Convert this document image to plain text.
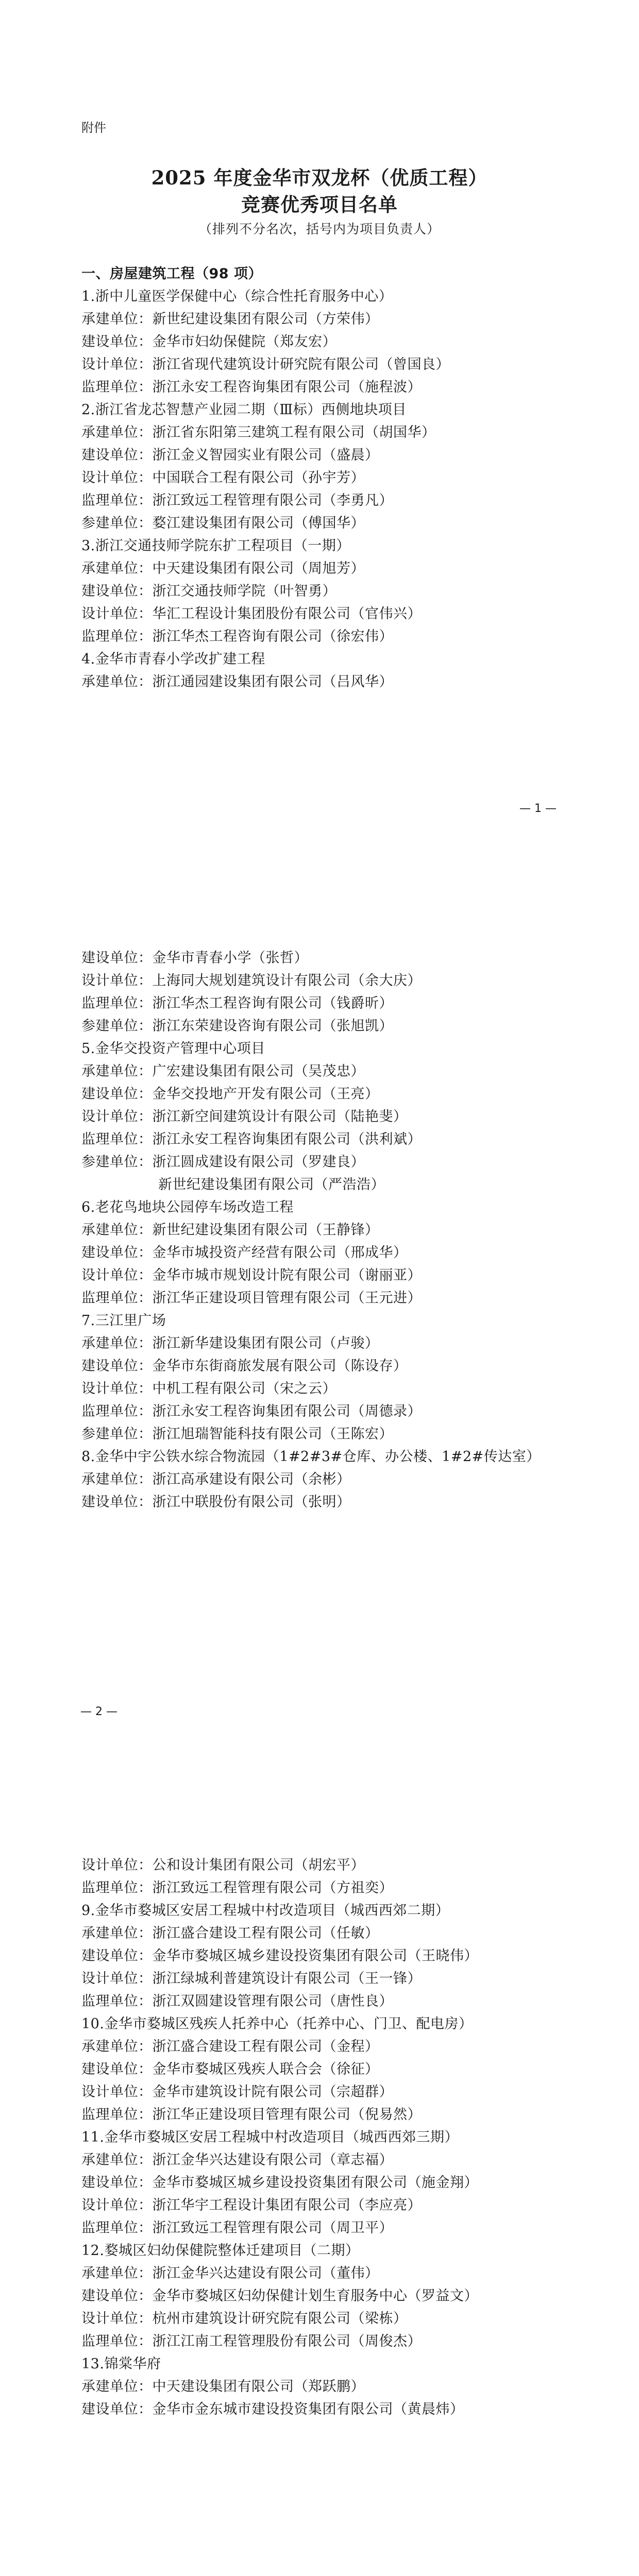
附件
2025 年度金华市双龙杯（优质工程）
竞赛优秀项目名单
（排列不分名次，括号内为项目负责人）
一、房屋建筑工程（98 项）
1.浙中儿童医学保健中心（综合性托育服务中心）
承建单位：新世纪建设集团有限公司（方荣伟）
建设单位：金华市妇幼保健院（郑友宏）
设计单位：浙江省现代建筑设计研究院有限公司（曾国良）
监理单位：浙江永安工程咨询集团有限公司（施程波）
2.浙江省龙芯智慧产业园二期（Ⅲ标）西侧地块项目
承建单位：浙江省东阳第三建筑工程有限公司（胡国华）
建设单位：浙江金义智园实业有限公司（盛晨）
设计单位：中国联合工程有限公司（孙宇芳）
监理单位：浙江致远工程管理有限公司（李勇凡）
参建单位：婺江建设集团有限公司（傅国华）
3.浙江交通技师学院东扩工程项目（一期）
承建单位：中天建设集团有限公司（周旭芳）
建设单位：浙江交通技师学院（叶智勇）
设计单位：华汇工程设计集团股份有限公司（官伟兴）
监理单位：浙江华杰工程咨询有限公司（徐宏伟）
4.金华市青春小学改扩建工程
承建单位：浙江通园建设集团有限公司（吕风华）
— 1 —
建设单位：金华市青春小学（张哲）
设计单位：上海同大规划建筑设计有限公司（余大庆）
监理单位：浙江华杰工程咨询有限公司（钱爵昕）
参建单位：浙江东荣建设咨询有限公司（张旭凯）
5.金华交投资产管理中心项目
承建单位：广宏建设集团有限公司（吴茂忠）
建设单位：金华交投地产开发有限公司（王亮）
设计单位：浙江新空间建筑设计有限公司（陆艳斐）
监理单位：浙江永安工程咨询集团有限公司（洪利斌）
参建单位：浙江圆成建设有限公司（罗建良）
新世纪建设集团有限公司（严浩浩）
6.老花鸟地块公园停车场改造工程
承建单位：新世纪建设集团有限公司（王静锋）
建设单位：金华市城投资产经营有限公司（邢成华）
设计单位：金华市城市规划设计院有限公司（谢丽亚）
监理单位：浙江华正建设项目管理有限公司（王元进）
7.三江里广场
承建单位：浙江新华建设集团有限公司（卢骏）
建设单位：金华市东街商旅发展有限公司（陈设存）
设计单位：中机工程有限公司（宋之云）
监理单位：浙江永安工程咨询集团有限公司（周德录）
参建单位：浙江旭瑞智能科技有限公司（王陈宏）
8.金华中宇公铁水综合物流园（1#2#3#仓库、办公楼、1#2#传达室）
承建单位：浙江高承建设有限公司（余彬）
建设单位：浙江中联股份有限公司（张明）
— 2 —
设计单位：公和设计集团有限公司（胡宏平）
监理单位：浙江致远工程管理有限公司（方祖奕）
9.金华市婺城区安居工程城中村改造项目（城西西郊二期）
承建单位：浙江盛合建设工程有限公司（任敏）
建设单位：金华市婺城区城乡建设投资集团有限公司（王晓伟）
设计单位：浙江绿城利普建筑设计有限公司（王一锋）
监理单位：浙江双圆建设管理有限公司（唐性良）
10.金华市婺城区残疾人托养中心（托养中心、门卫、配电房）
承建单位：浙江盛合建设工程有限公司（金程）
建设单位：金华市婺城区残疾人联合会（徐征）
设计单位：金华市建筑设计院有限公司（宗超群）
监理单位：浙江华正建设项目管理有限公司（倪易然）
11.金华市婺城区安居工程城中村改造项目（城西西郊三期）
承建单位：浙江金华兴达建设有限公司（章志福）
建设单位：金华市婺城区城乡建设投资集团有限公司（施金翔）
设计单位：浙江华宇工程设计集团有限公司（李应亮）
监理单位：浙江致远工程管理有限公司（周卫平）
12.婺城区妇幼保健院整体迁建项目（二期）
承建单位：浙江金华兴达建设有限公司（董伟）
建设单位：金华市婺城区妇幼保健计划生育服务中心（罗益文）
设计单位：杭州市建筑设计研究院有限公司（梁栋）
监理单位：浙江江南工程管理股份有限公司（周俊杰）
13.锦棠华府
承建单位：中天建设集团有限公司（郑跃鹏）
建设单位：金华市金东城市建设投资集团有限公司（黄晨炜）
